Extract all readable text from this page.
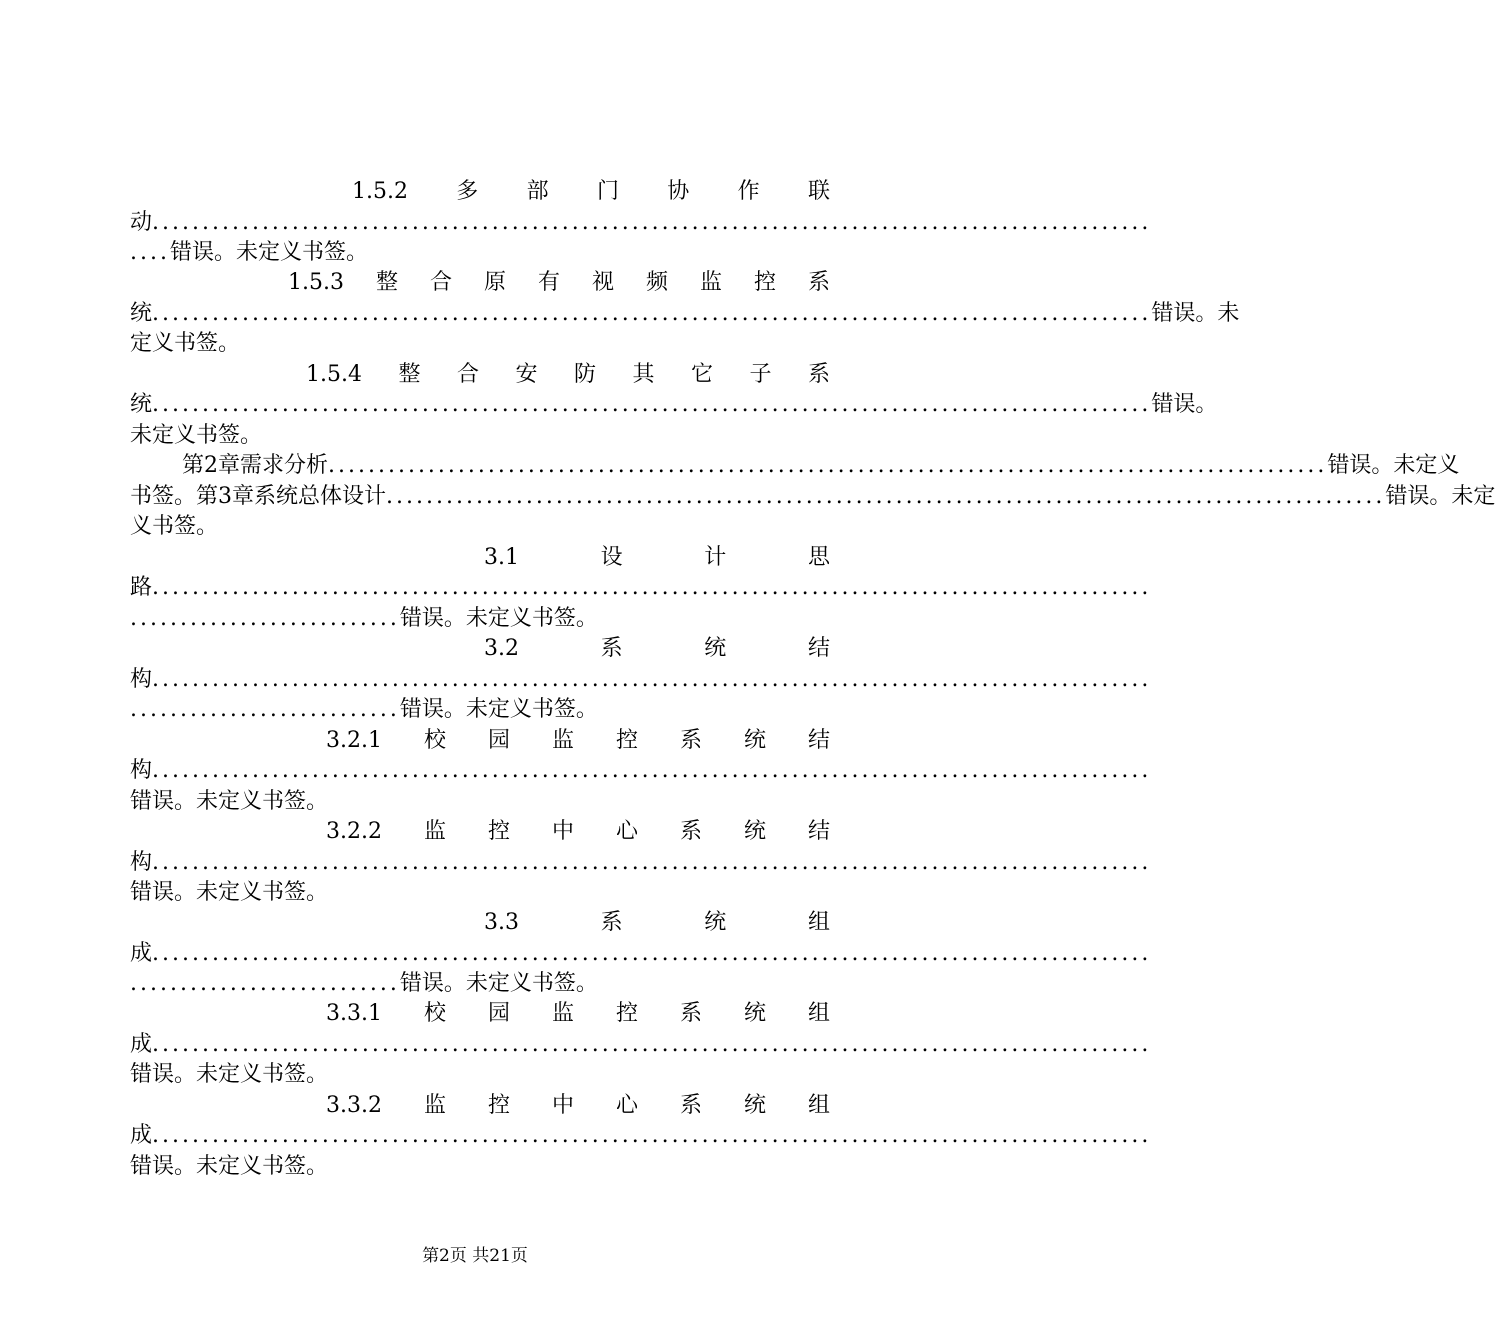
1.5.2 多 部 门 协 作 联
动 ....................................................................................................
.... 错误。未定义书签。
1.5.3 整 合 原 有 视 频 监 控 系
统 .................................................................................................... 错误。未
定义书签。
1.5.4 整 合 安 防 其 它 子 系
统 .................................................................................................... 错误。
未定义书签。
第2章需求分析 .................................................................................................... 错误。未定义
书签。第3章系统总体设计 .................................................................................................... 错误。未定
义书签。
3.1	设	计	思
路 ....................................................................................................
........................... 错误。未定义书签。
3.2	系	统	结
构 ....................................................................................................
........................... 错误。未定义书签。
3.2.1 校 园 监 控 系 统 结
构 ....................................................................................................
错误。未定义书签。
3.2.2 监 控 中 心 系 统 结
构 ....................................................................................................
错误。未定义书签。
3.3	系	统	组
成 ....................................................................................................
........................... 错误。未定义书签。
3.3.1 校 园 监 控 系 统 组
成 ....................................................................................................
错误。未定义书签。
3.3.2 监 控 中 心 系 统 组
成 ....................................................................................................
错误。未定义书签。
第2页 共21页
